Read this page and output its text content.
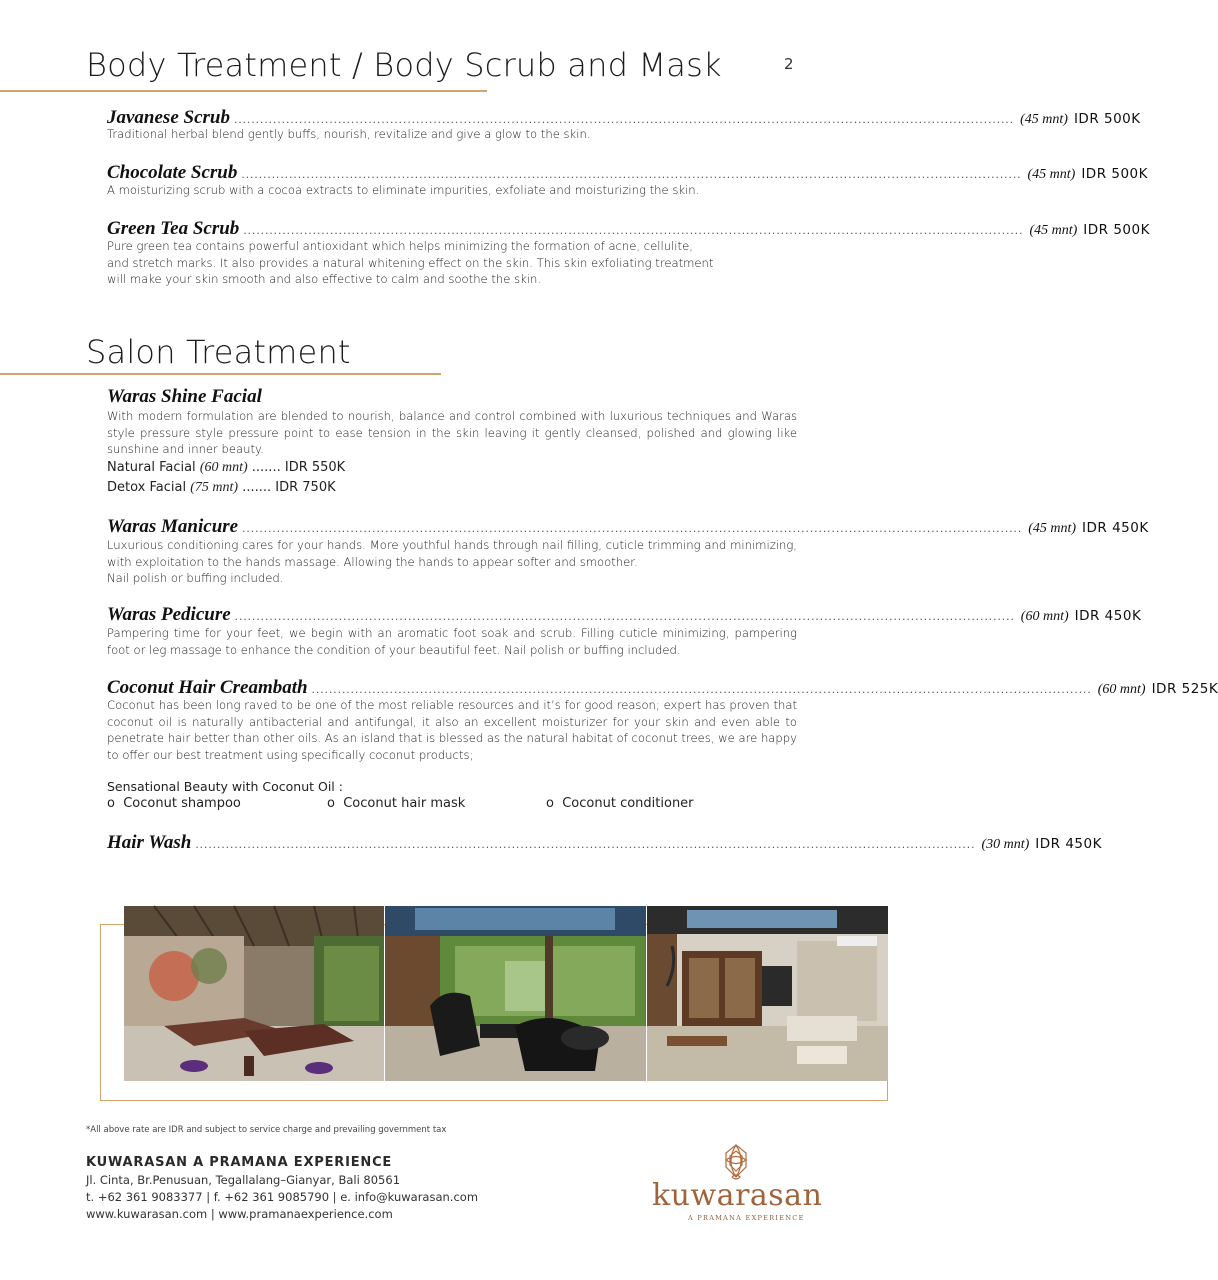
Body Treatment / Body Scrub and Mask	2
Javanese Scrub .................................................................................................................................................................................... (45 mnt) IDR 500K

Traditional herbal blend gently buffs, nourish, revitalize and give a glow to the skin.

Chocolate Scrub .................................................................................................................................................................................... (45 mnt) IDR 500K

A moisturizing scrub with a cocoa extracts to eliminate impurities, exfoliate and moisturizing the skin.

Green Tea Scrub .................................................................................................................................................................................... (45 mnt) IDR 500K

Pure green tea contains powerful antioxidant which helps minimizing the formation of acne, cellulite,

and stretch marks. It also provides a natural whitening effect on the skin. This skin exfoliating treatment

will make your skin smooth and also effective to calm and soothe the skin.

Salon Treatment
Waras Shine Facial
With modern formulation are blended to nourish, balance and control combined with luxurious techniques and Waras style pressure style pressure point to ease tension in the skin leaving it gently cleansed, polished and glowing like sunshine and inner beauty.
Natural Facial (60 mnt) ....... IDR 550K
Detox Facial (75 mnt) ....... IDR 750K
Waras Manicure .................................................................................................................................................................................... (45 mnt) IDR 450K

Luxurious conditioning cares for your hands. More youthful hands through nail filling, cuticle trimming and minimizing, with exploitation to the hands massage. Allowing the hands to appear softer and smoother.

Nail polish or buffing included.

Waras Pedicure .................................................................................................................................................................................... (60 mnt) IDR 450K
Pampering time for your feet, we begin with an aromatic foot soak and scrub. Filling cuticle minimizing, pampering foot or leg massage to enhance the condition of your beautiful feet. Nail polish or buffing included.
Coconut Hair Creambath .................................................................................................................................................................................... (60 mnt) IDR 525K
Coconut has been long raved to be one of the most reliable resources and it’s for good reason; expert has proven that coconut oil is naturally antibacterial and antifungal, it also an excellent moisturizer for your skin and even able to penetrate hair better than other oils. As an island that is blessed as the natural habitat of coconut trees, we are happy to offer our best treatment using specifically coconut products;
Sensational Beauty with Coconut Oil :
o Coconut shampoo	o Coconut hair mask	o Coconut conditioner
Hair Wash .................................................................................................................................................................................... (30 mnt) IDR 450K
*All above rate are IDR and subject to service charge and prevailing government tax
KUWARASAN A PRAMANA EXPERIENCE
Jl. Cinta, Br.Penusuan, Tegallalang–Gianyar, Bali 80561
t. +62 361 9083377 | f. +62 361 9085790 | e. info@kuwarasan.com
www.kuwarasan.com | www.pramanaexperience.com
kuwarasan
A PRAMANA EXPERIENCE
